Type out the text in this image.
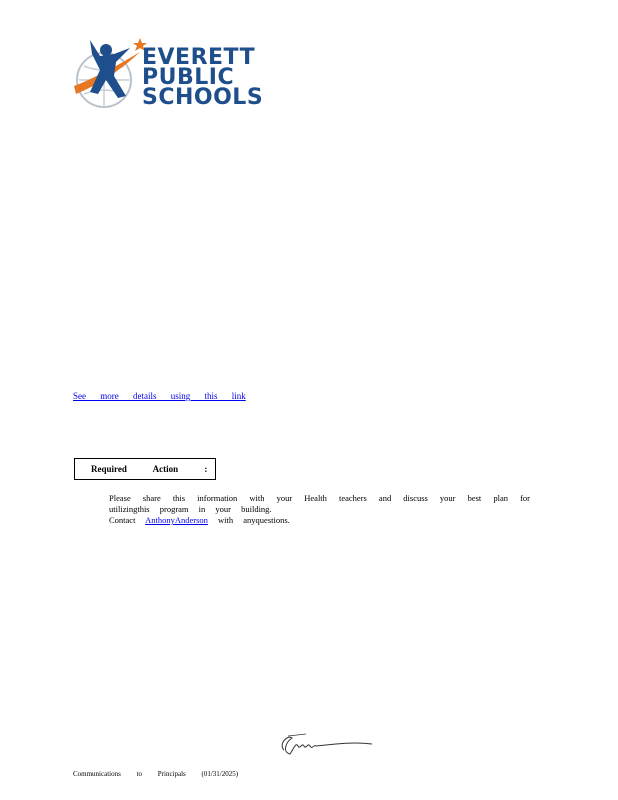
EVERETT
PUBLIC
SCHOOLS
See more details using this link
Required Action :
Please share this information with your Health teachers and discuss your best plan for utilizingthis program in your building.
Contact AnthonyAnderson with anyquestions.
Communications to Principals (01/31/2025)
